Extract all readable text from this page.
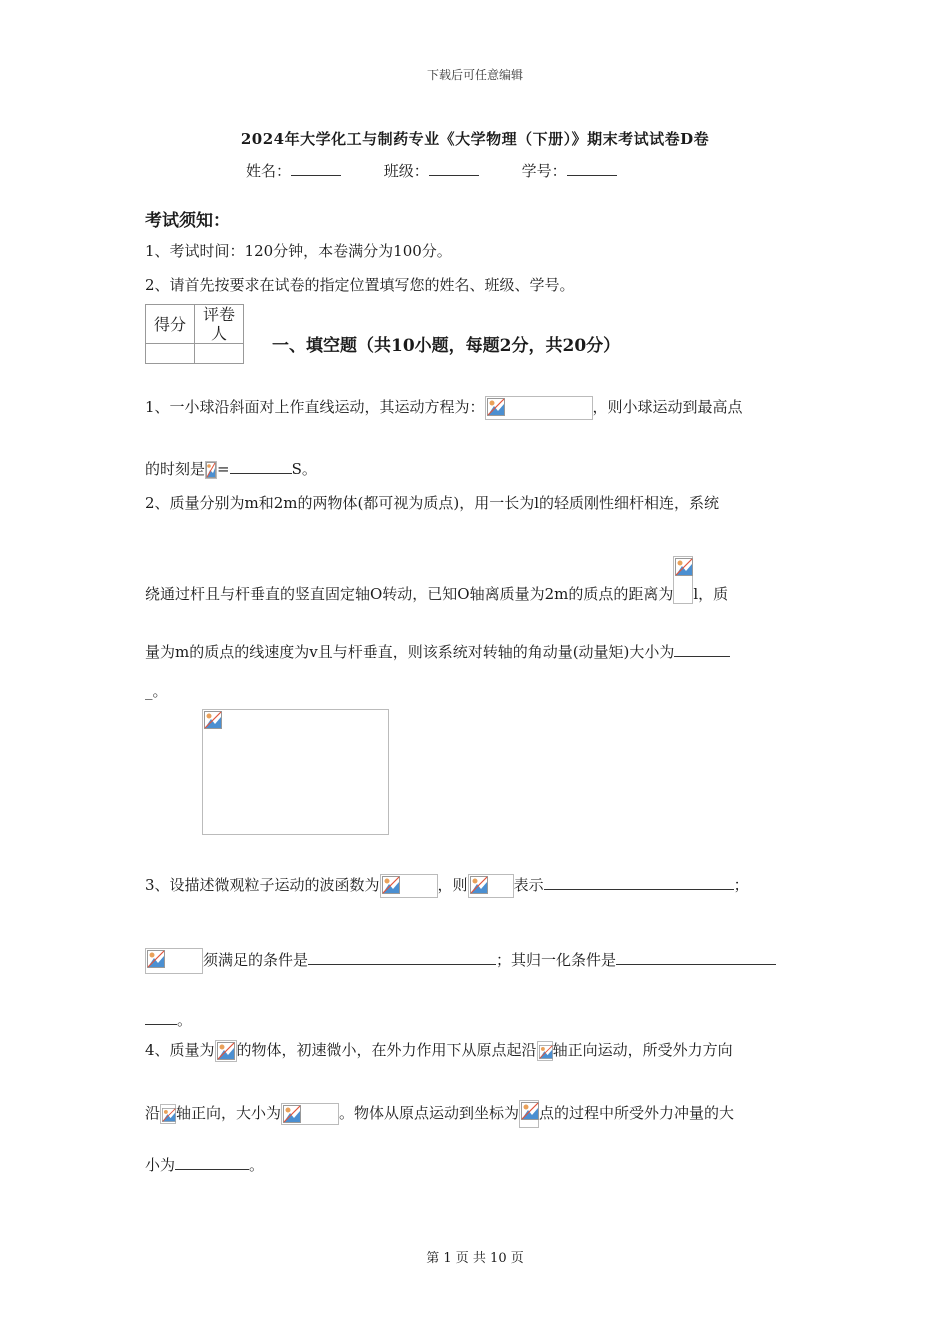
下载后可任意编辑
2024年大学化工与制药专业《大学物理（下册）》期末考试试卷D卷
姓名：	班级：	学号：
考试须知：
1、考试时间：120分钟，本卷满分为100分。
2、请首先按要求在试卷的指定位置填写您的姓名、班级、学号。
得分	评卷人

一、填空题（共10小题，每题2分，共20分）
1、一小球沿斜面对上作直线运动，其运动方程为：	，则小球运动到最高点
的时刻是 =	S。
2、质量分别为m和2m的两物体(都可视为质点)，用一长为l的轻质刚性细杆相连，系统
绕通过杆且与杆垂直的竖直固定轴O转动，已知O轴离质量为2m的质点的距离为 l，质
量为m的质点的线速度为v且与杆垂直，则该系统对转轴的角动量(动量矩)大小为
_。
3、设描述微观粒子运动的波函数为	，则	表示	；
须满足的条件是	；其归一化条件是
。
4、质量为 的物体，初速微小，在外力作用下从原点起沿 轴正向运动，所受外力方向
沿 轴正向，大小为	。物体从原点运动到坐标为 点的过程中所受外力冲量的大
小为	。
第 1 页 共 10 页
